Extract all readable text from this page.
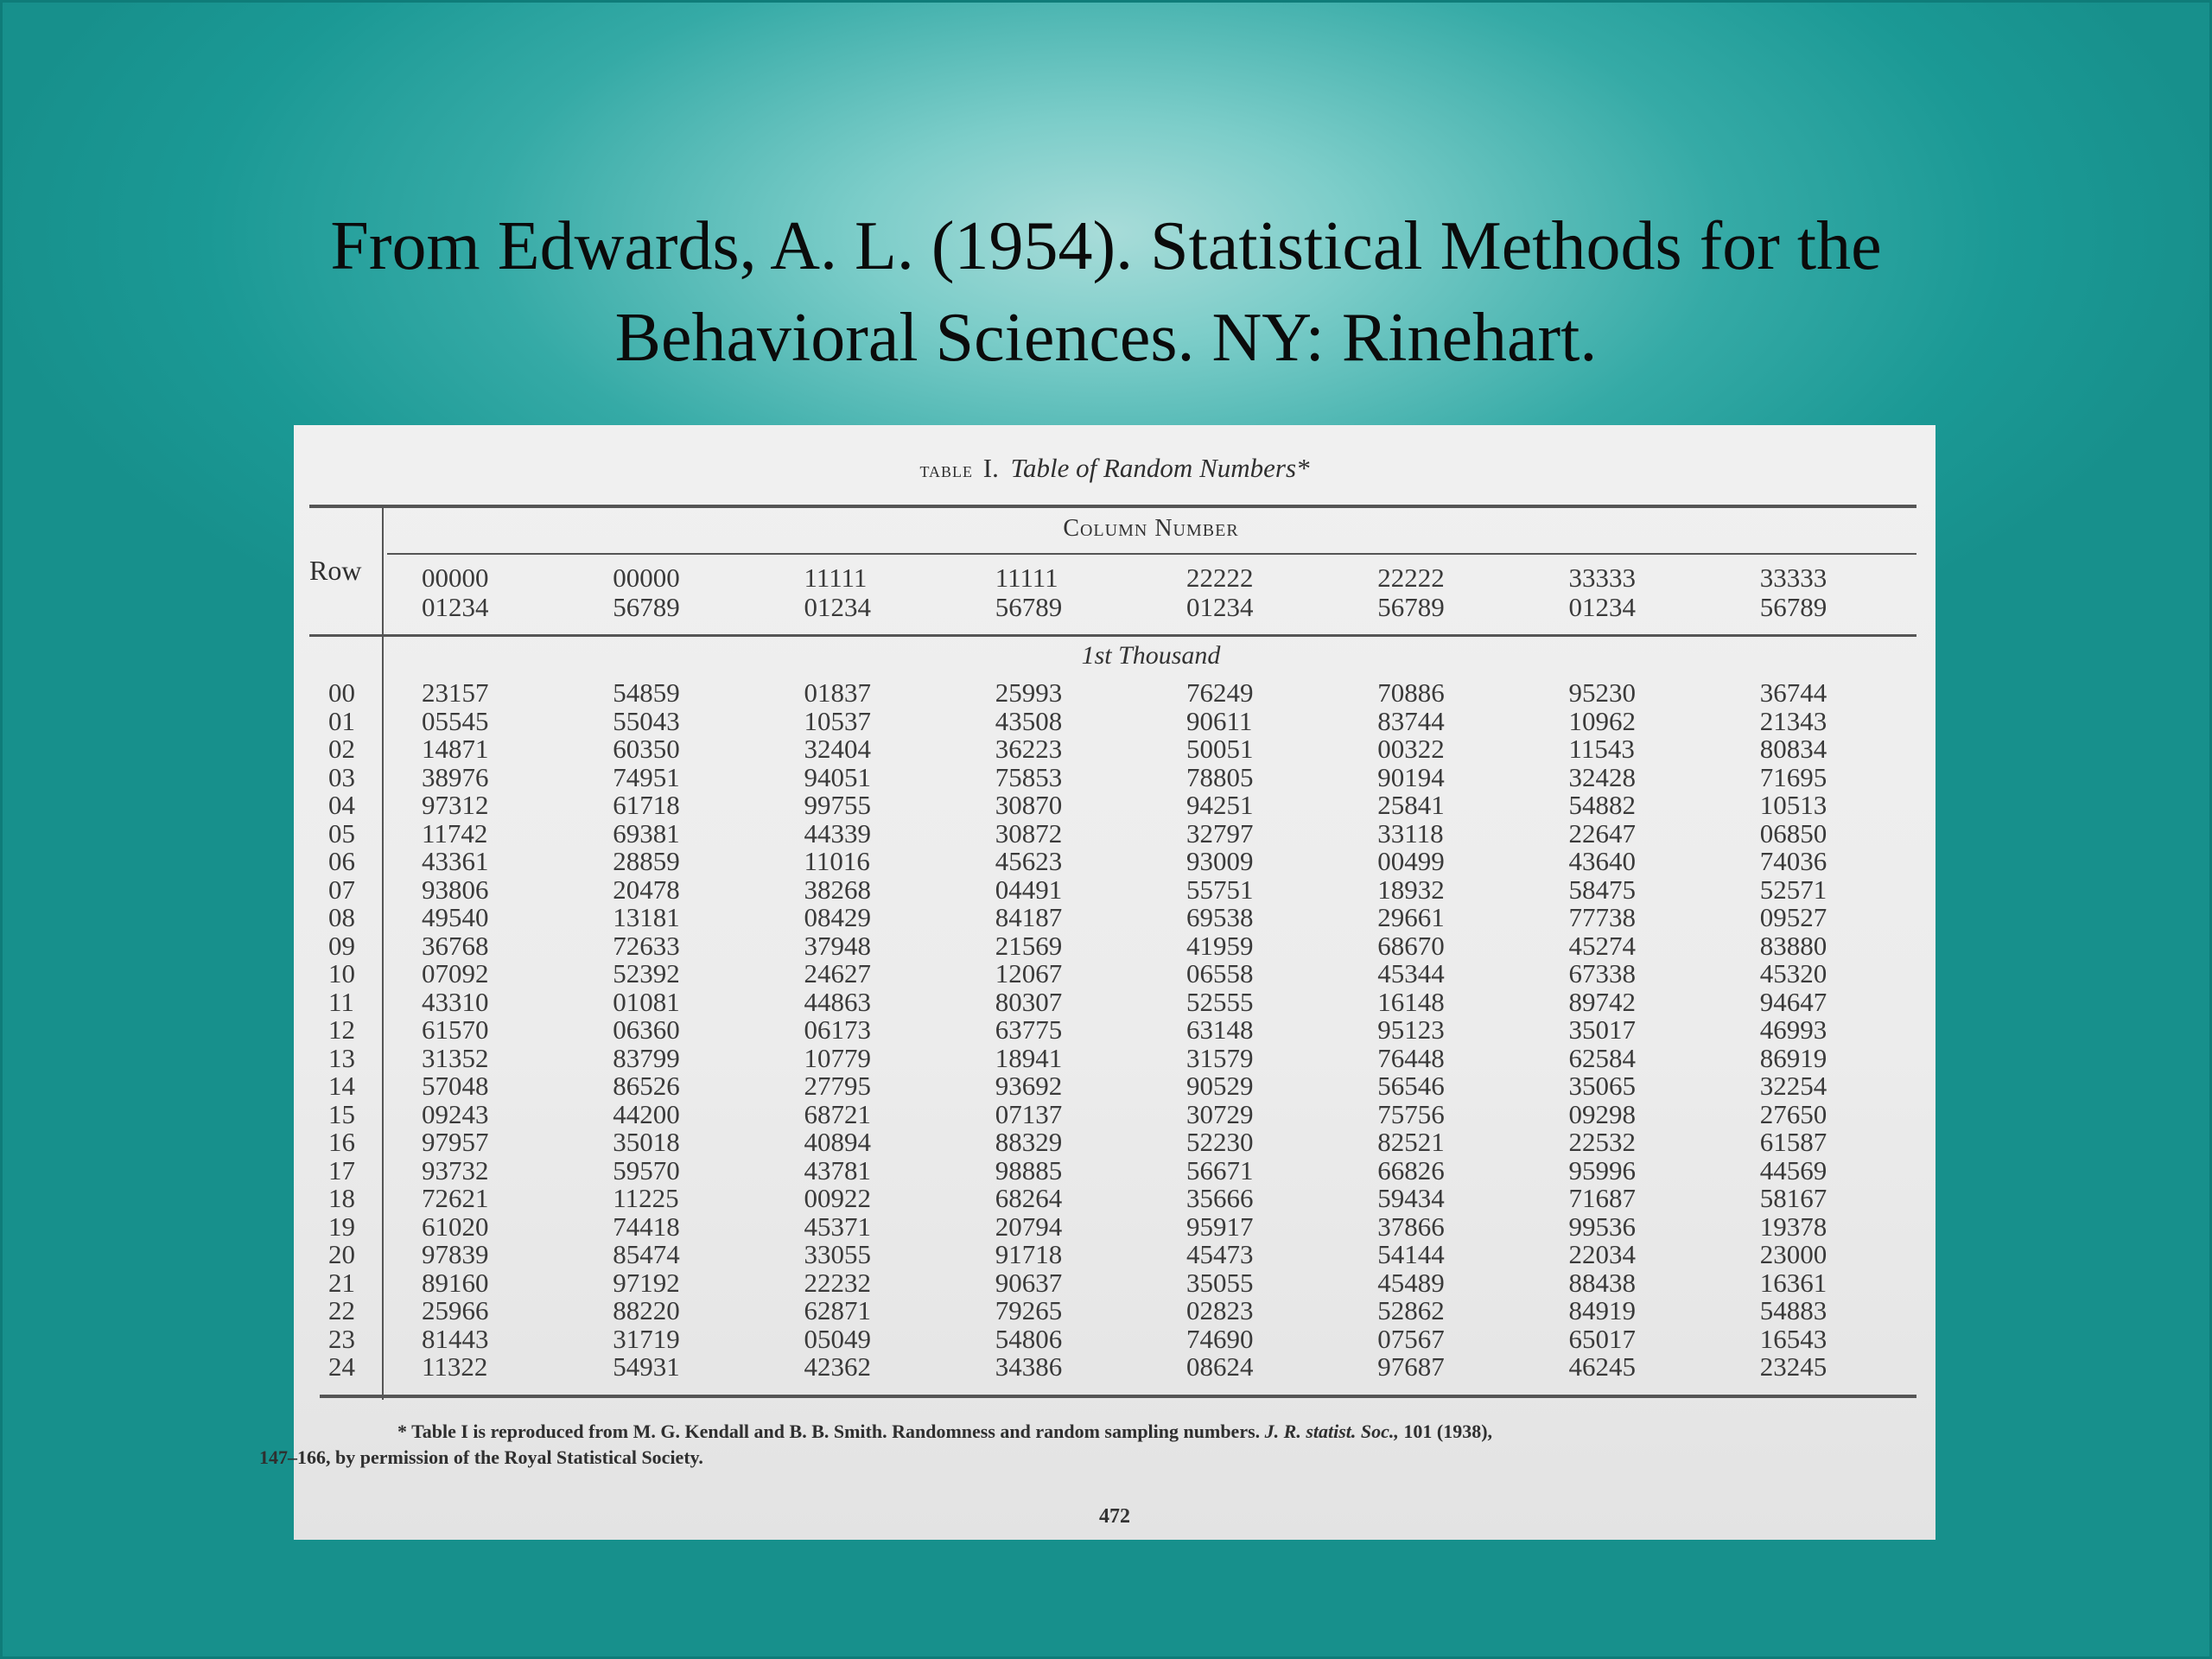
From Edwards, A. L. (1954). Statistical Methods for the
Behavioral Sciences. NY: Rinehart.
table I. Table of Random Numbers*
Column Number
Row 00000
01234
00000
56789
11111
01234
11111
56789
22222
01234
22222
56789
33333
01234
33333
56789
1st Thousand
00
01
02
03
04
05
06
07
08
09
10
11
12
13
14
15
16
17
18
19
20
21
22
23
24
23157
05545
14871
38976
97312
11742
43361
93806
49540
36768
07092
43310
61570
31352
57048
09243
97957
93732
72621
61020
97839
89160
25966
81443
11322
54859
55043
60350
74951
61718
69381
28859
20478
13181
72633
52392
01081
06360
83799
86526
44200
35018
59570
11225
74418
85474
97192
88220
31719
54931
01837
10537
32404
94051
99755
44339
11016
38268
08429
37948
24627
44863
06173
10779
27795
68721
40894
43781
00922
45371
33055
22232
62871
05049
42362
25993
43508
36223
75853
30870
30872
45623
04491
84187
21569
12067
80307
63775
18941
93692
07137
88329
98885
68264
20794
91718
90637
79265
54806
34386
76249
90611
50051
78805
94251
32797
93009
55751
69538
41959
06558
52555
63148
31579
90529
30729
52230
56671
35666
95917
45473
35055
02823
74690
08624
70886
83744
00322
90194
25841
33118
00499
18932
29661
68670
45344
16148
95123
76448
56546
75756
82521
66826
59434
37866
54144
45489
52862
07567
97687
95230
10962
11543
32428
54882
22647
43640
58475
77738
45274
67338
89742
35017
62584
35065
09298
22532
95996
71687
99536
22034
88438
84919
65017
46245
36744
21343
80834
71695
10513
06850
74036
52571
09527
83880
45320
94647
46993
86919
32254
27650
61587
44569
58167
19378
23000
16361
54883
16543
23245
* Table I is reproduced from M. G. Kendall and B. B. Smith. Randomness and random sampling numbers. J. R. statist. Soc., 101 (1938),
147–166, by permission of the Royal Statistical Society.
472
